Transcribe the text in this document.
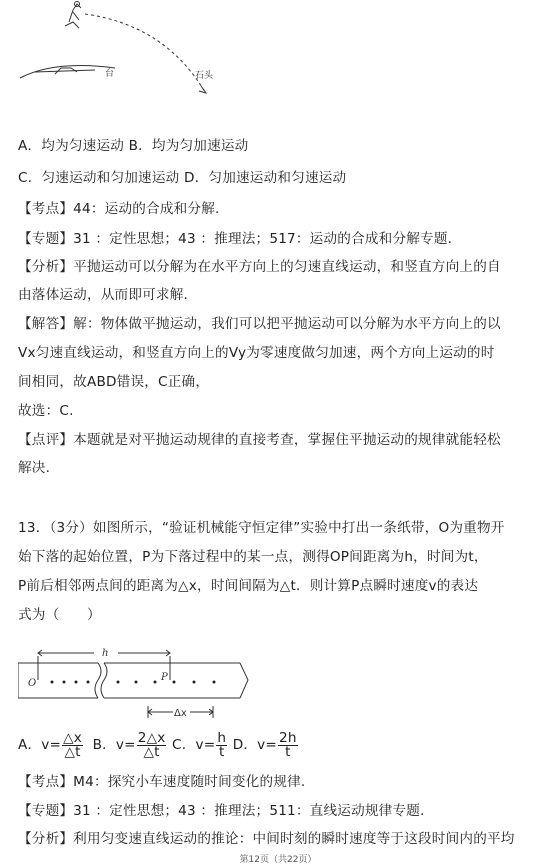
台	石头
A．均为匀速运动 B．均为匀加速运动
C．匀速运动和匀加速运动 D．匀加速运动和匀速运动
【考点】44：运动的合成和分解.
【专题】31 ：定性思想；43 ：推理法；517：运动的合成和分解专题.
【分析】平抛运动可以分解为在水平方向上的匀速直线运动，和竖直方向上的自
由落体运动，从而即可求解.
【解答】解：物体做平抛运动，我们可以把平抛运动可以分解为水平方向上的以
Vx匀速直线运动，和竖直方向上的Vy为零速度做匀加速，两个方向上运动的时
间相同，故ABD错误，C正确，
故选：C.
【点评】本题就是对平抛运动规律的直接考查，掌握住平抛运动的规律就能轻松
解决.
13．（3分）如图所示，“验证机械能守恒定律”实验中打出一条纸带，O为重物开
始下落的起始位置，P为下落过程中的某一点，测得OP间距离为h，时间为t，
P前后相邻两点间的距离为△x，时间间隔为△t．则计算P点瞬时速度v的表达
式为（　　）
h
O
P
Δx
A．$v= \frac{\triangle x}{\triangle t}$ B．$v= \frac{2\triangle x}{\triangle t}$ C．$v= \frac{h}{t}$ D．$v= \frac{2h}{t}$
【考点】M4：探究小车速度随时间变化的规律.
【专题】31 ：定性思想；43 ：推理法；511：直线运动规律专题.
【分析】利用匀变速直线运动的推论：中间时刻的瞬时速度等于这段时间内的平均
第12页（共22页）
